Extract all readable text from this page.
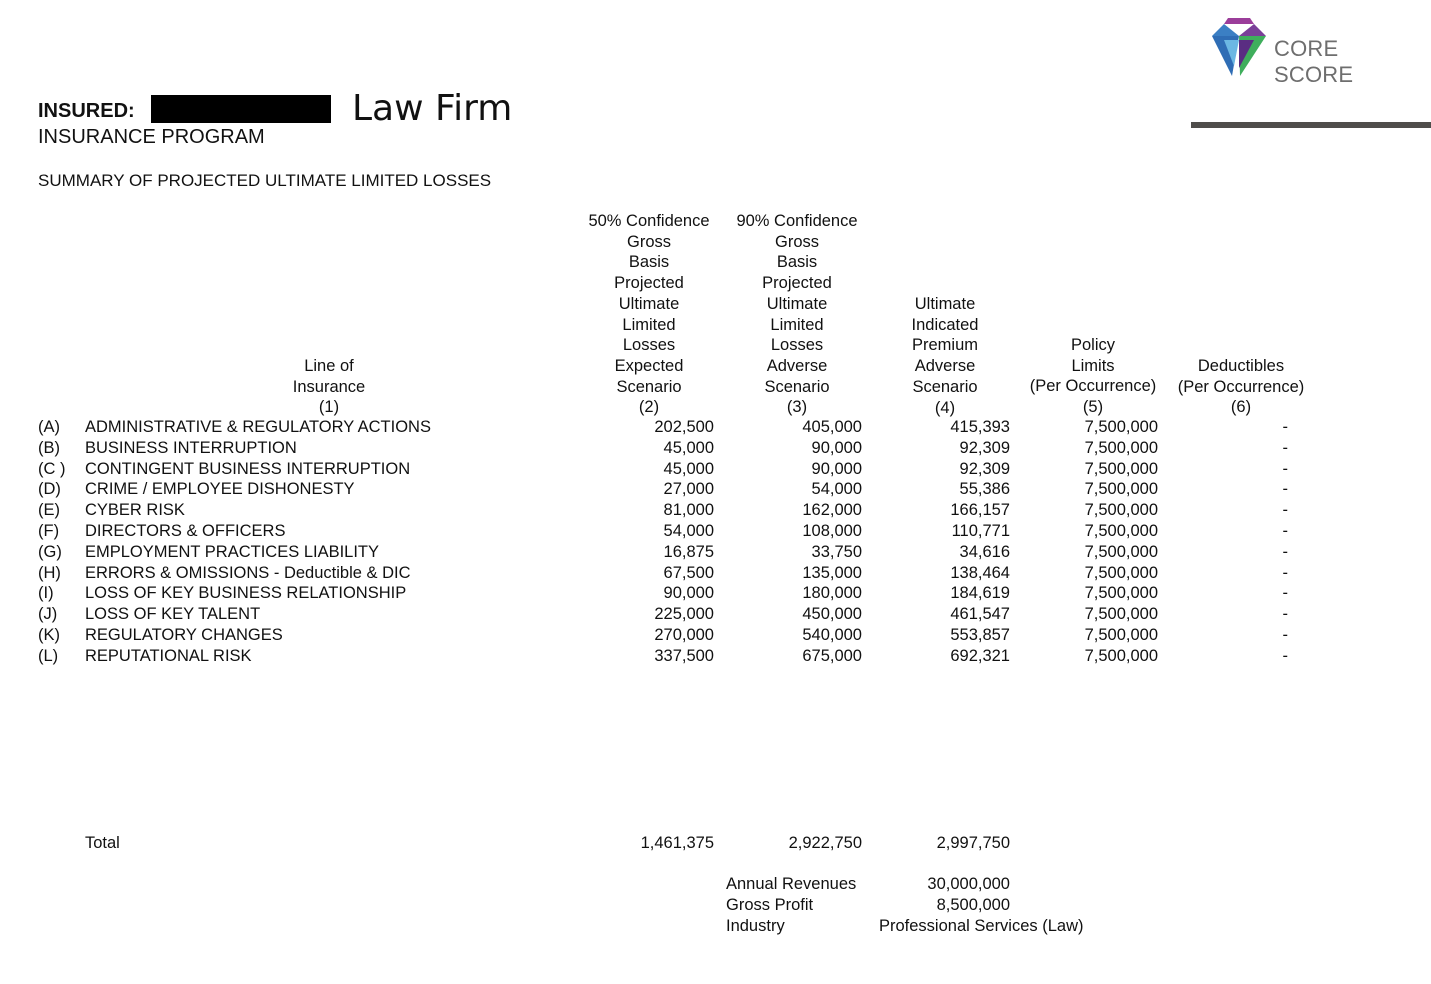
CORE SCORE
INSURED:	Law Firm
INSURANCE PROGRAM
SUMMARY OF PROJECTED ULTIMATE LIMITED LOSSES
Line of
Insurance
(1)
50% Confidence
Gross
Basis
Projected
Ultimate
Limited
Losses
Expected
Scenario
(2)
90% Confidence
Gross
Basis
Projected
Ultimate
Limited
Losses
Adverse
Scenario
(3)
Ultimate
Indicated
Premium
Adverse
Scenario
(4)
Policy
Limits
(Per Occurrence)
(5)
Deductibles
(Per Occurrence)
(6)
(A) ADMINISTRATIVE & REGULATORY ACTIONS	202,500	405,000	415,393	7,500,000	-
(B) BUSINESS INTERRUPTION	45,000	90,000	92,309	7,500,000	-
(C ) CONTINGENT BUSINESS INTERRUPTION	45,000	90,000	92,309	7,500,000	-
(D) CRIME / EMPLOYEE DISHONESTY	27,000	54,000	55,386	7,500,000	-
(E) CYBER RISK	81,000	162,000	166,157	7,500,000	-
(F) DIRECTORS & OFFICERS	54,000	108,000	110,771	7,500,000	-
(G) EMPLOYMENT PRACTICES LIABILITY	16,875	33,750	34,616	7,500,000	-
(H) ERRORS & OMISSIONS - Deductible & DIC	67,500	135,000	138,464	7,500,000	-
(I) LOSS OF KEY BUSINESS RELATIONSHIP	90,000	180,000	184,619	7,500,000	-
(J) LOSS OF KEY TALENT	225,000	450,000	461,547	7,500,000	-
(K) REGULATORY CHANGES	270,000	540,000	553,857	7,500,000	-
(L) REPUTATIONAL RISK	337,500	675,000	692,321	7,500,000	-
Total	1,461,375	2,922,750	2,997,750
Annual Revenues	30,000,000
Gross Profit	8,500,000
Industry	Professional Services (Law)
